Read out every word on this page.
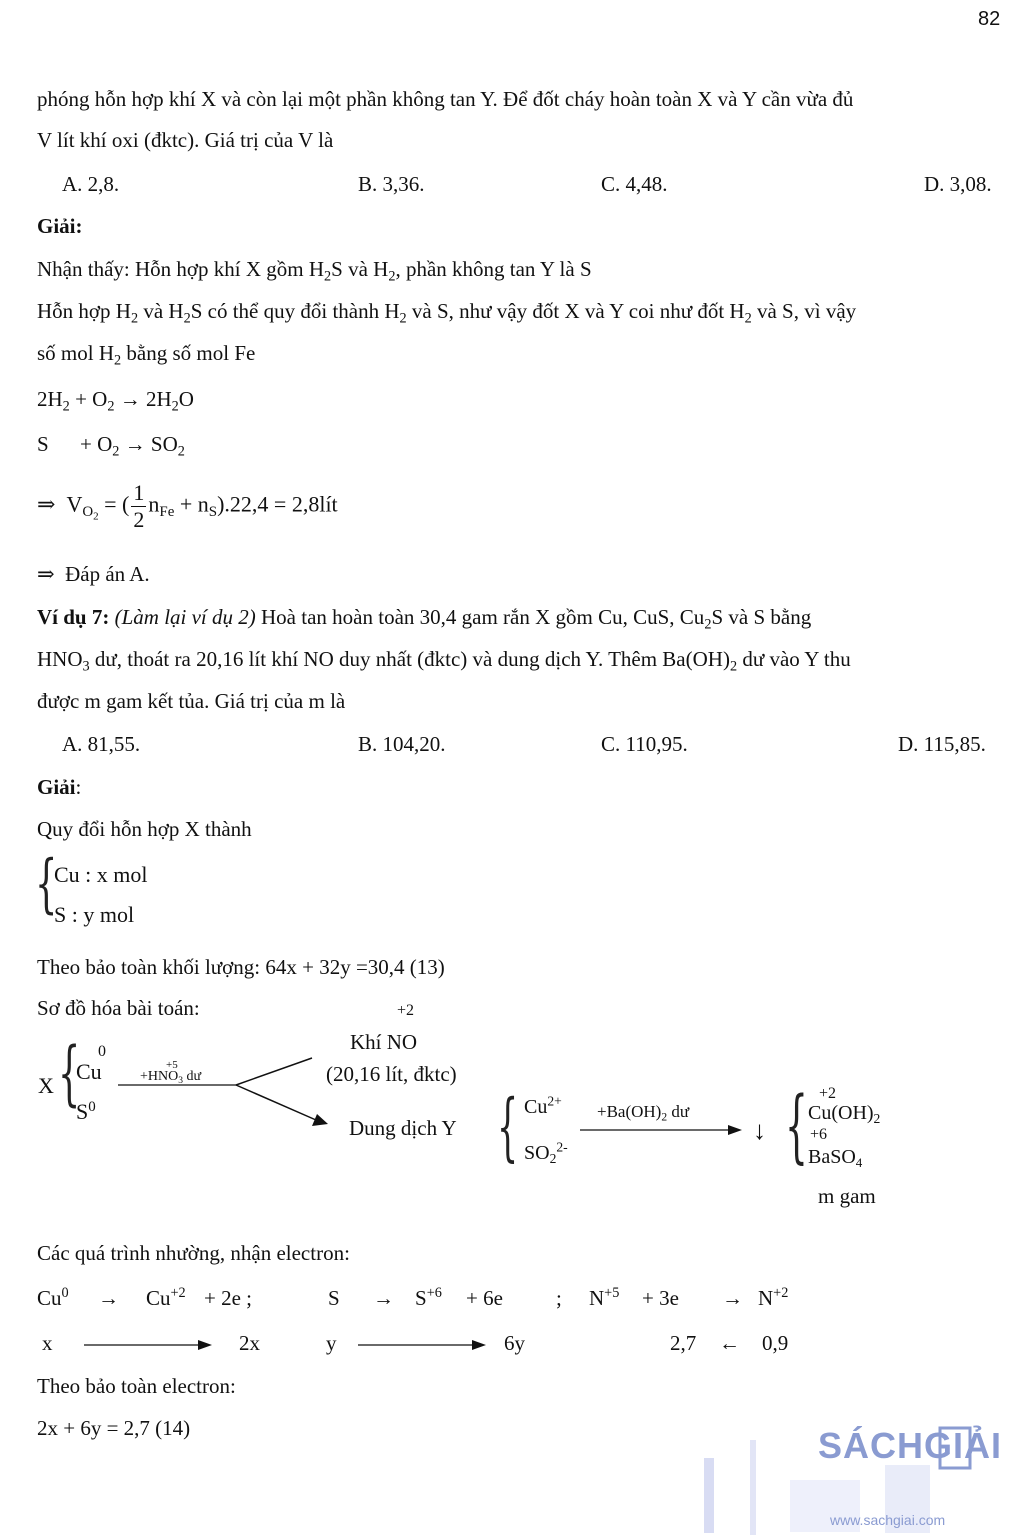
82
phóng hỗn hợp khí X và còn lại một phần không tan Y. Để đốt cháy hoàn toàn X và Y cần vừa đủ
V lít khí oxi (đktc). Giá trị của V là
A. 2,8.	B. 3,36.	C. 4,48.	D. 3,08.
Giải:
Nhận thấy: Hỗn hợp khí X gồm $H_2S$ và $H_2$, phần không tan Y là S
Hỗn hợp $H_2$ và $H_2S$ có thể quy đổi thành $H_2$ và S, như vậy đốt X và Y coi như đốt $H_2$ và S, vì vậy
số mol $H_2$ bằng số mol Fe
$2H_2 + O_2 \to 2H_2O$
$S + O_2 \to SO_2$
⇒ $V_{O_2}$ = ( $\frac{1}{2} n_{Fe} + n_S).22,4$ = 2,8lít
⇒ Đáp án A.
Ví dụ 7: (Làm lại ví dụ 2) Hoà tan hoàn toàn 30,4 gam rắn X gồm Cu, CuS, $Cu_2S$ và S bằng
$HNO_3$ dư, thoát ra 20,16 lít khí NO duy nhất (đktc) và dung dịch Y. Thêm $Ba(OH)_2$ dư vào Y thu
được m gam kết tủa. Giá trị của m là
A. 81,55.	B. 104,20.	C. 110,95.	D. 115,85.
Giải:
Quy đổi hỗn hợp X thành
{
Cu : x mol
S : y mol
Theo bảo toàn khối lượng: 64x + 32y =30,4 (13)
Sơ đồ hóa bài toán:
X { 0
Cu
$S^0$
+5
$+HNO_3$ dư
+2
Khí NO
(20,16 lít, đktc)
Dung dịch Y { $Cu^{2+}$
$SO_2^{2-}$
$+Ba(OH)_2$ dư
↓ { +2
$Cu(OH)_2$
+6
BaSO$_4$
m gam
Các quá trình nhường, nhận electron:
$Cu^0 \to Cu^{+2} + 2e$ ;	$S \to S^{+6} + 6e$	; $N^{+5} + 3e \to N^{+2}$
x	2x	y	6y	2,7 ← 0,9
Theo bảo toàn electron:
2x + 6y = 2,7 (14)	SÁCHGIẢI
www.sachgiai.com
